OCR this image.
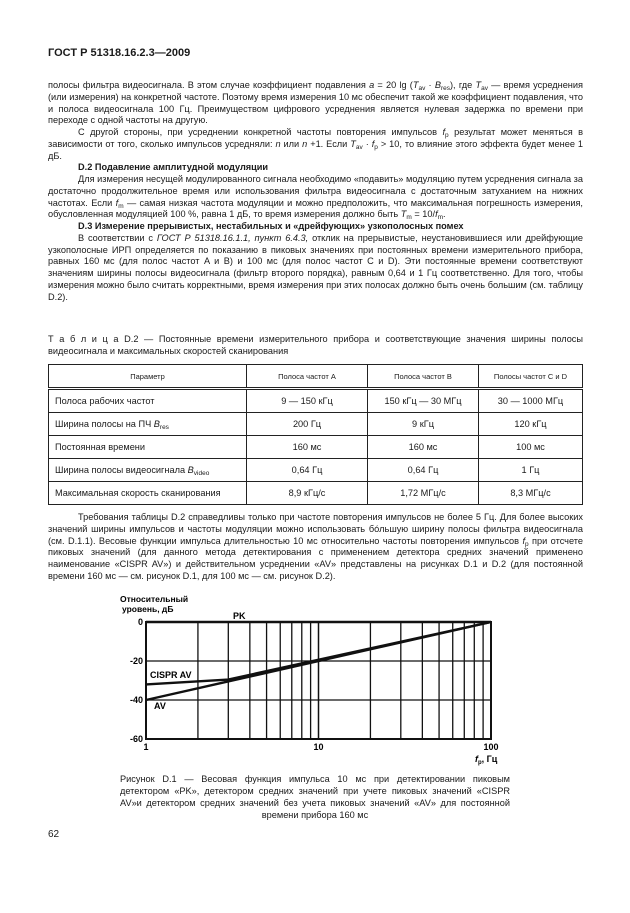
ГОСТ Р 51318.16.2.3—2009

полосы фильтра видеосигнала. В этом случае коэффициент подавления a = 20 $\lg (T_{av} \cdot B_{res})$, где $T_{av}$ — время усреднения (или измерения) на конкретной частоте. Поэтому время измерения 10 мс обеспечит такой же коэффициент подавления, что и полоса видеосигнала 100 Гц. Преимуществом цифрового усреднения является нулевая задержка по времени при переходе с одной частоты на другую.

С другой стороны, при усреднении конкретной частоты повторения импульсов $f_p$ результат может меняться в зависимости от того, сколько импульсов усредняли: n или n +1. Если $T_{av} \cdot f_p > 10$, то влияние этого эффекта будет менее 1 дБ.

D.2 Подавление амплитудной модуляции

Для измерения несущей модулированного сигнала необходимо «подавить» модуляцию путем усреднения сигнала за достаточно продолжительное время или использования фильтра видеосигнала с достаточным затуханием на нижних частотах. Если $f_m$ — самая низкая частота модуляции и можно предположить, что максимальная погрешность измерения, обусловленная модуляцией 100 %, равна 1 дБ, то время измерения должно быть $T_m = 10/f_m$.

D.3 Измерение прерывистых, нестабильных и «дрейфующих» узкополосных помех

В соответствии с ГОСТ Р 51318.16.1.1, пункт 6.4.3, отклик на прерывистые, неустановившиеся или дрейфующие узкополосные ИРП определяется по показанию в пиковых значениях при постоянных времени измерительного прибора, равных 160 мс (для полос частот A и B) и 100 мс (для полос частот C и D). Эти постоянные времени соответствуют значениям ширины полосы видеосигнала (фильтр второго порядка), равным 0,64 и 1 Гц соответственно. Для того, чтобы измерения можно было считать корректными, время измерения при этих полосах должно быть очень большим (см. таблицу D.2).

Т а б л и ц а D.2 — Постоянные времени измерительного прибора и соответствующие значения ширины полосы видеосигнала и максимальных скоростей сканирования
Параметр	Полоса частот A	Полоса частот B	Полосы частот C и D
Полоса рабочих частот	9 — 150 кГц	150 кГц — 30 МГц	30 — 1000 МГц
Ширина полосы на ПЧ $B_{res}$	200 Гц	9 кГц	120 кГц
Постоянная времени	160 мс	160 мс	100 мс
Ширина полосы видеосигнала $B_{video}$	0,64 Гц	0,64 Гц	1 Гц
Максимальная скорость сканирования	8,9 кГц/с	1,72 МГц/с	8,3 МГц/с
Требования таблицы D.2 справедливы только при частоте повторения импульсов не более 5 Гц. Для более высоких значений ширины импульсов и частоты модуляции можно использовать бóльшую ширину полосы фильтра видеосигнала (см. D.1.1). Весовые функции импульса длительностью 10 мс относительно частоты повторения импульсов $f_p$ при отсчете пиковых значений (для данного метода детектирования с применением детектора средних значений применено наименование «CISPR AV») и действительном усреднении «AV» представлены на рисунках D.1 и D.2 (для постоянной времени 160 мс — см. рисунок D.1, для 100 мс — см. рисунок D.2).
0
-20
-40
-60
1	10	100
Относительный
уровень, дБ
$f_p$, Гц
PK
CISPR AV
AV
Рисунок D.1 — Весовая функция импульса 10 мс при детектировании пиковым детектором «PK», детектором средних значений при учете пиковых значений «CISPR AV»и детектором средних значений без учета пиковых значений «AV» для постоянной времени прибора 160 мс
62
